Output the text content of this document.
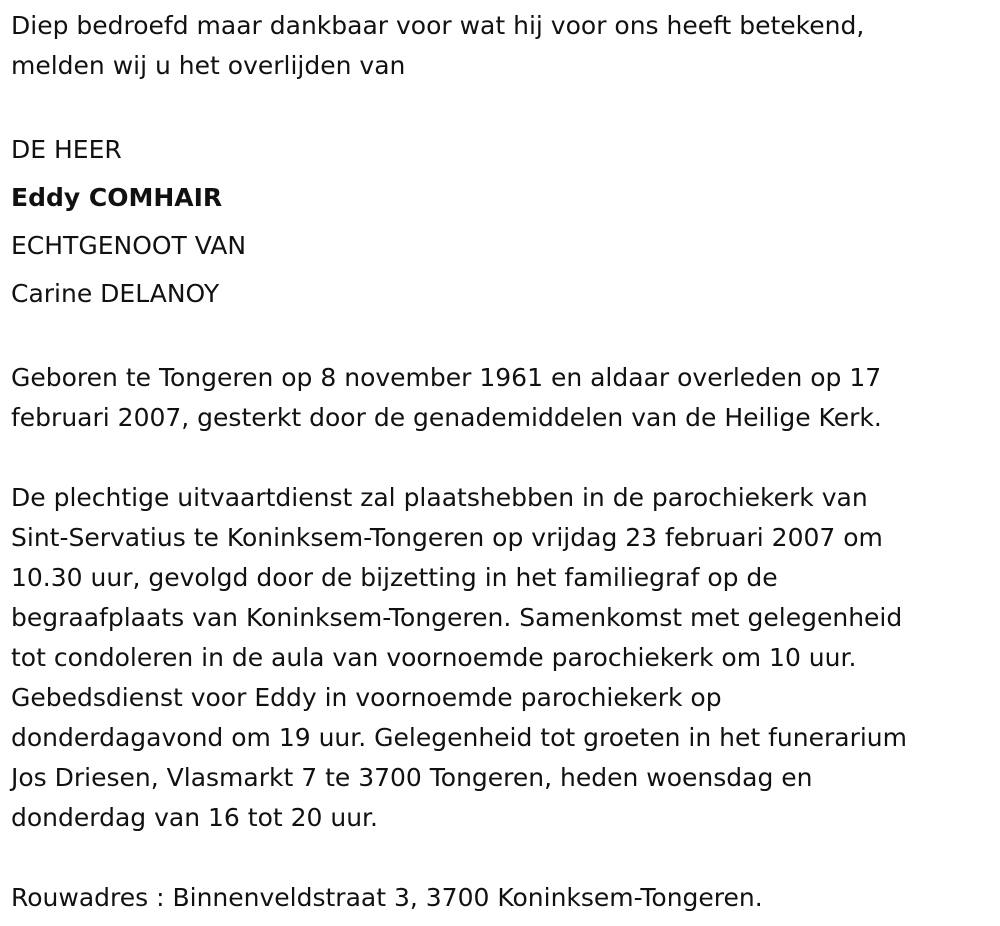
Diep bedroefd maar dankbaar voor wat hij voor ons heeft betekend,

melden wij u het overlijden van

DE HEER
Eddy COMHAIR
ECHTGENOOT VAN
Carine DELANOY

Geboren te Tongeren op 8 november 1961 en aldaar overleden op 17

februari 2007, gesterkt door de genademiddelen van de Heilige Kerk.

De plechtige uitvaartdienst zal plaatshebben in de parochiekerk van

Sint-Servatius te Koninksem-Tongeren op vrijdag 23 februari 2007 om

10.30 uur, gevolgd door de bijzetting in het familiegraf op de

begraafplaats van Koninksem-Tongeren. Samenkomst met gelegenheid

tot condoleren in de aula van voornoemde parochiekerk om 10 uur.

Gebedsdienst voor Eddy in voornoemde parochiekerk op

donderdagavond om 19 uur. Gelegenheid tot groeten in het funerarium

Jos Driesen, Vlasmarkt 7 te 3700 Tongeren, heden woensdag en

donderdag van 16 tot 20 uur.

Rouwadres : Binnenveldstraat 3, 3700 Koninksem-Tongeren.
